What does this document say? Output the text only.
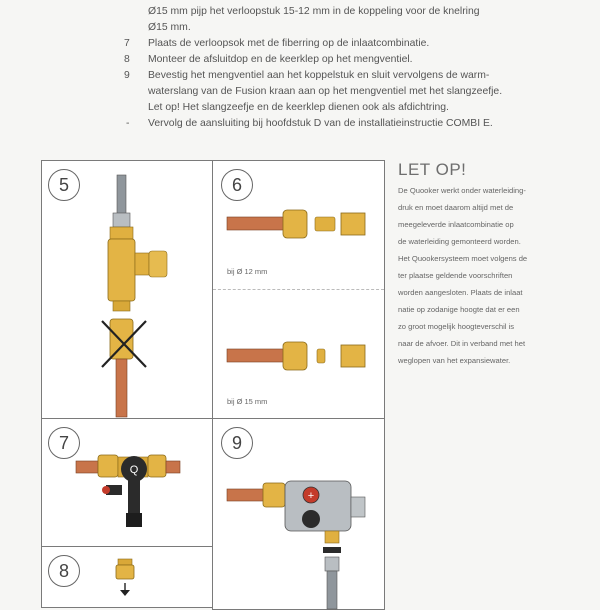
Ø15 mm pijp het verloopstuk 15-12 mm in de koppeling voor de knelring
Ø15 mm.
7	Plaats de verloopsok met de fiberring op de inlaatcombinatie.
8	Monteer de afsluitdop en de keerklep op het mengventiel.
9	Bevestig het mengventiel aan het koppelstuk en sluit vervolgens de warm-
waterslang van de Fusion kraan aan op het mengventiel met het slangzeefje.
Let op! Het slangzeefje en de keerklep dienen ook als afdichtring.
-	Vervolg de aansluiting bij hoofdstuk D van de installatieinstructie COMBI E.
5	6
bij Ø 12 mm
bij Ø 15 mm
7
Q
8
9
+
LET OP!
De Quooker werkt onder waterleiding-
druk en moet daarom altijd met de
meegeleverde inlaatcombinatie op
de waterleiding gemonteerd worden.
Het Quookersysteem moet volgens de
ter plaatse geldende voorschriften
worden aangesloten. Plaats de inlaat
natie op zodanige hoogte dat er een
zo groot mogelijk hoogteverschil is
naar de afvoer. Dit in verband met het
weglopen van het expansiewater.
